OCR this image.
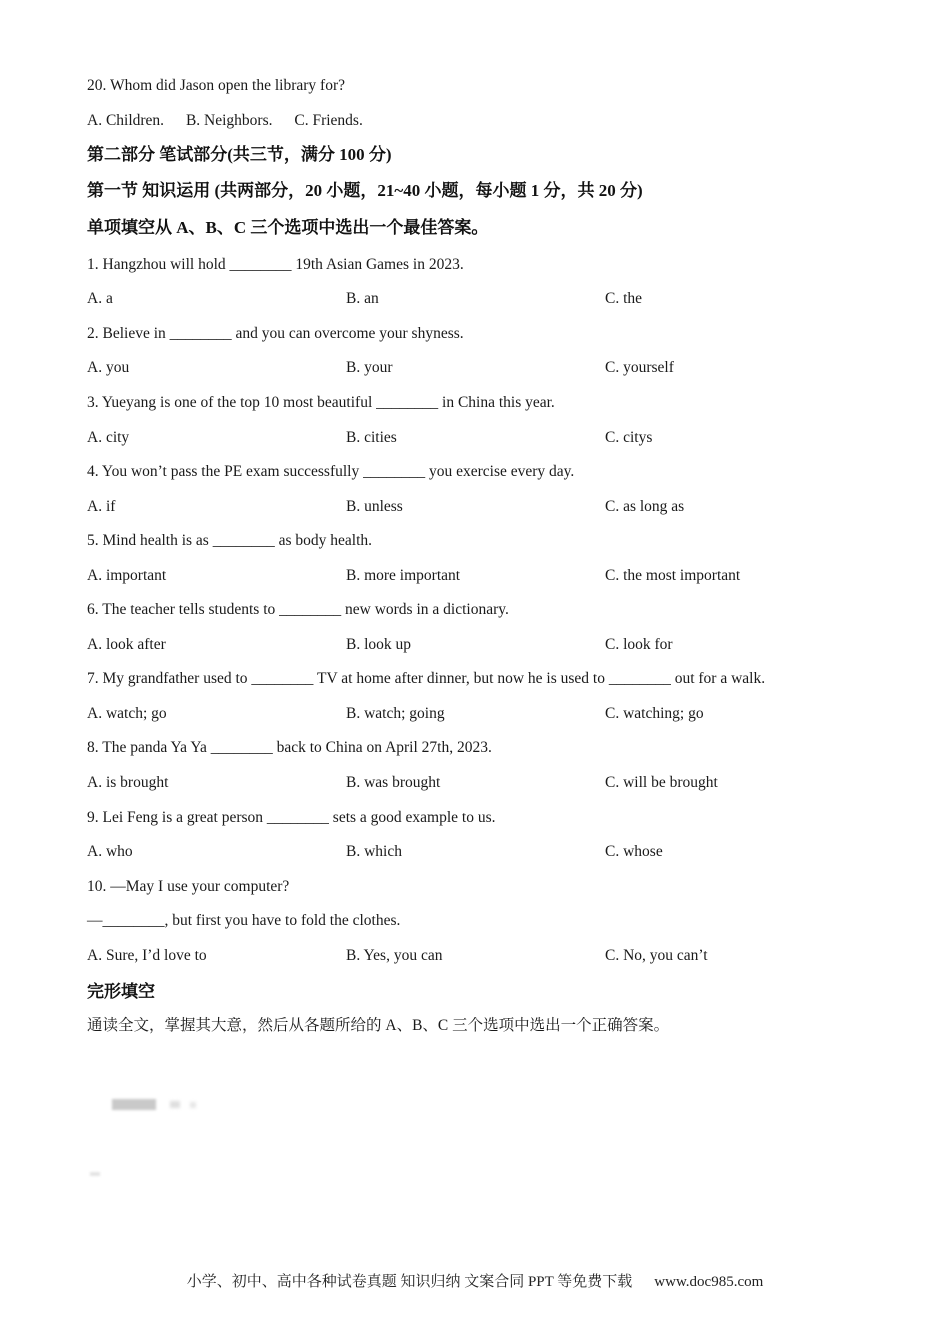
20. Whom did Jason open the library for?
A. Children. B. Neighbors. C. Friends.
第二部分 笔试部分(共三节，满分 100 分)
第一节 知识运用 (共两部分，20 小题，21~40 小题，每小题 1 分，共 20 分)
单项填空从 A、B、C 三个选项中选出一个最佳答案。
1. Hangzhou will hold ________ 19th Asian Games in 2023.
A. a	B. an	C. the
2. Believe in ________ and you can overcome your shyness.
A. you	B. your	C. yourself
3. Yueyang is one of the top 10 most beautiful ________ in China this year.
A. city	B. cities	C. citys
4. You won’t pass the PE exam successfully ________ you exercise every day.
A. if	B. unless	C. as long as
5. Mind health is as ________ as body health.
A. important	B. more important	C. the most important
6. The teacher tells students to ________ new words in a dictionary.
A. look after	B. look up	C. look for
7. My grandfather used to ________ TV at home after dinner, but now he is used to ________ out for a walk.
A. watch; go	B. watch; going	C. watching; go
8. The panda Ya Ya ________ back to China on April 27th, 2023.
A. is brought	B. was brought	C. will be brought
9. Lei Feng is a great person ________ sets a good example to us.
A. who	B. which	C. whose
10. —May I use your computer?
—________, but first you have to fold the clothes.
A. Sure, I’d love to	B. Yes, you can	C. No, you can’t
完形填空
通读全文，掌握其大意，然后从各题所给的 A、B、C 三个选项中选出一个正确答案。
小学、初中、高中各种试卷真题 知识归纳 文案合同 PPT 等免费下载 www.doc985.com
